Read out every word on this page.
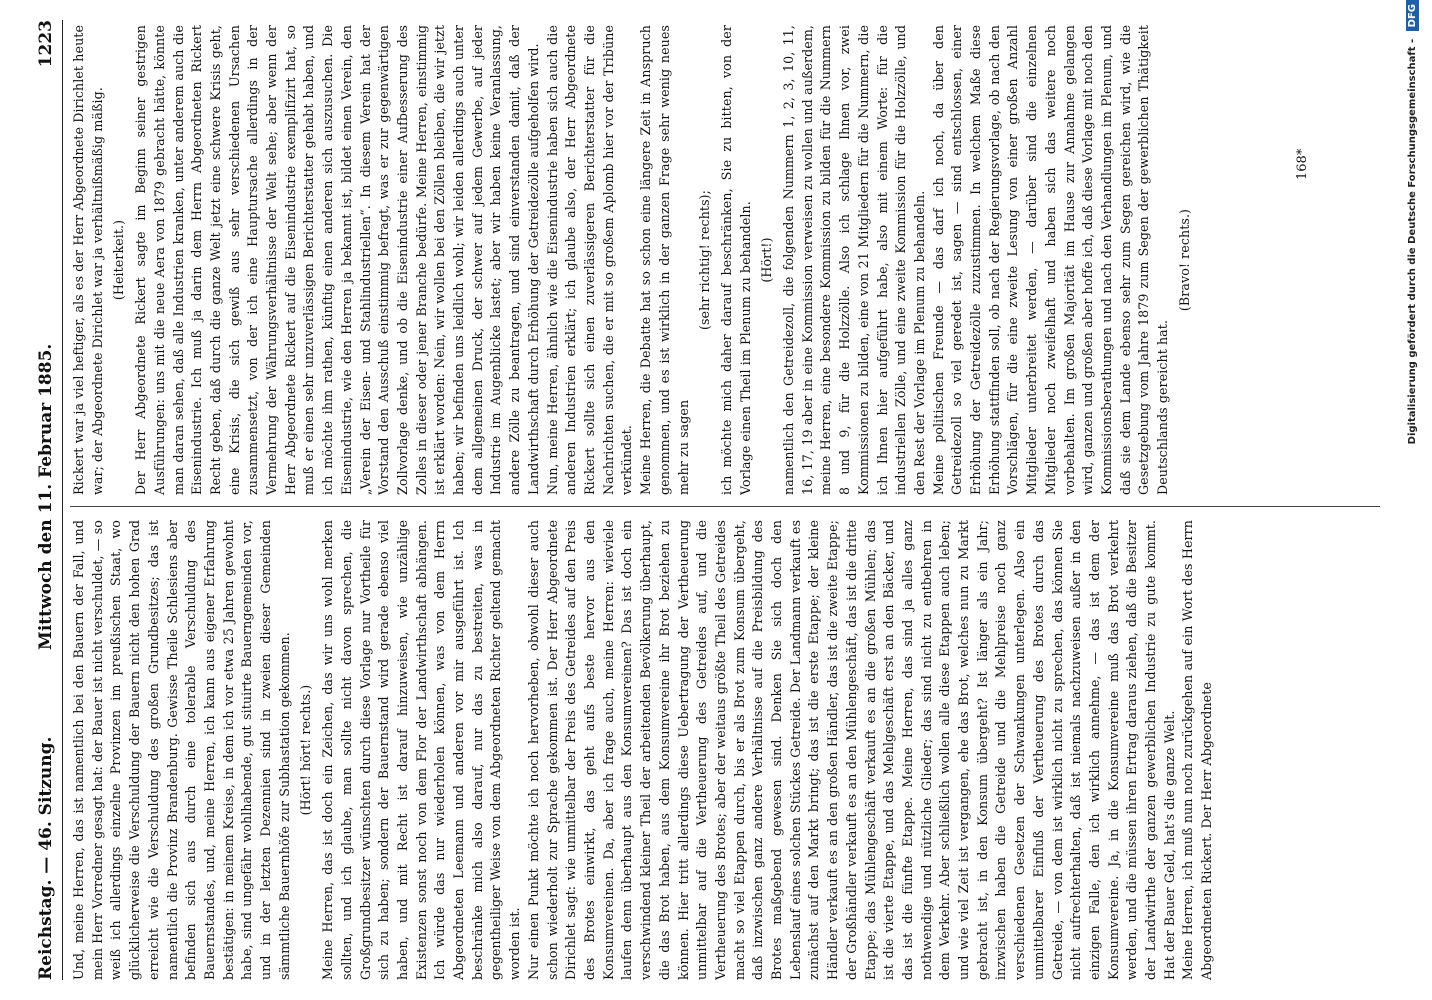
Reichstag. — 46. Sitzung.
Mittwoch den 11. Februar 1885.
1223

Und, meine Herren, das ist namentlich bei den Bauern der Fall, und mein Herr Vorredner gesagt hat: der Bauer ist nicht verschuldet, — so weiß ich allerdings einzelne Provinzen im preußischen Staat, wo glücklicherweise die Verschuldung der Bauern nicht den hohen Grad erreicht wie die Verschuldung des großen Grundbesitzes; das ist namentlich die Provinz Brandenburg. Gewisse Theile Schlesiens aber befinden sich aus durch eine tolerable Verschuldung des Bauernstandes, und, meine Herren, ich kann aus eigener Erfahrung bestätigen: in meinem Kreise, in dem ich vor etwa 25 Jahren gewohnt habe, sind ungefähr wohlhabende, gut situirte Bauerngemeinden vor, und in der letzten Dezennien sind in zweien dieser Gemeinden sämmtliche Bauernhöfe zur Subhastation gekommen. (Hört! hört! rechts.) Meine Herren, das ist doch ein Zeichen, das wir uns wohl merken sollten, und ich glaube, man sollte nicht davon sprechen, die Großgrundbesitzer wünschten durch diese Vorlage nur Vortheile für sich zu haben; sondern der Bauernstand wird gerade ebenso viel haben, und mit Recht ist darauf hinzuweisen, wie unzählige Existenzen sonst noch von dem Flor der Landwirthschaft abhängen. Ich würde das nur wiederholen können, was von dem Herrn Abgeordneten Leemann und anderen vor mir ausgeführt ist. Ich beschränke mich also darauf, nur das zu bestreiten, was in gegentheiliger Weise von dem Abgeordneten Richter geltend gemacht worden ist. Nur einen Punkt möchte ich noch hervorheben, obwohl dieser auch schon wiederholt zur Sprache gekommen ist. Der Herr Abgeordnete Dirichlet sagt: wie unmittelbar der Preis des Getreides auf den Preis des Brotes einwirkt, das geht aufs beste hervor aus den Konsumvereinen. Da, aber ich frage auch, meine Herren: wieviele laufen denn überhaupt aus den Konsumvereinen? Das ist doch ein verschwindend kleiner Theil der arbeitenden Bevölkerung überhaupt, die das Brot haben, aus dem Konsumvereine ihr Brot beziehen zu können. Hier tritt allerdings diese Uebertragung der Vertheuerung unmittelbar auf die Vertheuerung des Getreides auf, und die Vertheuerung des Brotes; aber der weitaus größte Theil des Getreides macht so viel Etappen durch, bis er als Brot zum Konsum übergeht, daß inzwischen ganz andere Verhältnisse auf die Preisbildung des Brotes maßgebend gewesen sind. Denken Sie sich doch den Lebenslauf eines solchen Stückes Getreide. Der Landmann verkauft es zunächst auf den Markt bringt; das ist die erste Etappe; der kleine Händler verkauft es an den großen Händler, das ist die zweite Etappe; der Großhändler verkauft es an den Mühlengeschäft, das ist die dritte Etappe; das Mühlengeschäft verkauft es an die großen Mühlen; das ist die vierte Etappe, und das Mehlgeschäft erst an den Bäcker, und das ist die fünfte Etappe. Meine Herren, das sind ja alles ganz nothwendige und nützliche Glieder; das sind nicht zu entbehren in dem Verkehr. Aber schließlich wollen alle diese Etappen auch leben; und wie viel Zeit ist vergangen, ehe das Brot, welches nun zu Markt gebracht ist, in den Konsum übergeht? Ist länger als ein Jahr; inzwischen haben die Getreide und die Mehlpreise noch ganz verschiedenen Gesetzen der Schwankungen unterlegen. Also ein unmittelbarer Einfluß der Vertheuerung des Brotes durch das Getreide, — von dem ist wirklich nicht zu sprechen, das können Sie nicht aufrechterhalten, daß ist niemals nachzuweisen außer in den einzigen Falle, den ich wirklich annehme, — das ist dem der Konsumvereine. Ja, in die Konsumvereine muß das Brot verkehrt werden, und die müssen ihren Ertrag daraus ziehen, daß die Besitzer der Landwirthe der ganzen gewerblichen Industrie zu gute kommt. Hat der Bauer Geld, hat's die ganze Welt. Meine Herren, ich muß nun noch zurückgehen auf ein Wort des Herrn Abgeordneten Rickert. Der Herr Abgeordnete

Rickert war ja viel heftiger, als es der Herr Abgeordnete Dirichlet heute war; der Abgeordnete Dirichlet war ja verhältnißmäßig mäßig. (Heiterkeit.) Der Herr Abgeordnete Rickert sagte im Beginn seiner gestrigen Ausführungen: uns mit die neue Aera von 1879 gebracht hätte, könnte man daran sehen, daß alle Industrien kranken, unter anderem auch die Eisenindustrie. Ich muß ja darin dem Herrn Abgeordneten Rickert Recht geben, daß durch die ganze Welt jetzt eine schwere Krisis geht, eine Krisis, die sich gewiß aus sehr verschiedenen Ursachen zusammensetzt, von der ich eine Hauptursache allerdings in der Vermehrung der Währungsverhältnisse der Welt sehe; aber wenn der Herr Abgeordnete Rickert auf die Eisenindustrie exemplifizirt hat, so muß er einen sehr unzuverlässigen Berichterstatter gehabt haben, und ich möchte ihm rathen, künftig einen anderen sich auszusuchen. Die Eisenindustrie, wie den Herren ja bekannt ist, bildet einen Verein, den „Verein der Eisen- und Stahlindustriellen“. In diesem Verein hat der Vorstand den Ausschuß einstimmig befragt, was er zur gegenwärtigen Zollvorlage denke, und ob die Eisenindustrie einer Aufbesserung des Zolles in dieser oder jener Branche bedürfe. Meine Herren, einstimmig ist erklärt worden: Nein, wir wollen bei den Zöllen bleiben, die wir jetzt haben; wir befinden uns leidlich wohl; wir leiden allerdings auch unter dem allgemeinen Druck, der schwer auf jedem Gewerbe, auf jeder Industrie im Augenblicke lastet; aber wir haben keine Veranlassung, andere Zölle zu beantragen, und sind einverstanden damit, daß der Landwirthschaft durch Erhöhung der Getreidezölle aufgeholfen wird. Nun, meine Herren, ähnlich wie die Eisenindustrie haben sich auch die anderen Industrien erklärt; ich glaube also, der Herr Abgeordnete Rickert sollte sich einen zuverlässigeren Berichterstatter für die Nachrichten suchen, die er mit so großem Aplomb hier vor der Tribüne verkündet. Meine Herren, die Debatte hat so schon eine längere Zeit in Anspruch genommen, und es ist wirklich in der ganzen Frage sehr wenig neues mehr zu sagen

(sehr richtig! rechts); ich möchte mich daher darauf beschränken, Sie zu bitten, von der Vorlage einen Theil im Plenum zu behandeln. (Hört!) namentlich den Getreidezoll, die folgenden Nummern 1, 2, 3, 10, 11, 16, 17, 19 aber in eine Kommission verweisen zu wollen und außerdem, meine Herren, eine besondere Kommission zu bilden für die Nummern 8 und 9, für die Holzzölle. Also ich schlage Ihnen vor, zwei Kommissionen zu bilden, eine von 21 Mitgliedern für die Nummern, die ich Ihnen hier aufgeführt habe, also mit einem Worte: für die industriellen Zölle, und eine zweite Kommission für die Holzzölle, und den Rest der Vorlage im Plenum zu behandeln. Meine politischen Freunde — das darf ich noch, da über den Getreidezoll so viel geredet ist, sagen — sind entschlossen, einer Erhöhung der Getreidezölle zuzustimmen. In welchem Maße diese Erhöhung stattfinden soll, ob nach der Regierungsvorlage, ob nach den Vorschlägen, für die eine zweite Lesung von einer großen Anzahl Mitglieder unterbreitet werden, — darüber sind die einzelnen Mitglieder noch zweifelhaft und haben sich das weitere noch vorbehalten. Im großen Majorität im Hause zur Annahme gelangen wird, ganzen und großen aber hoffe ich, daß diese Vorlage mit noch den Kommissionsberathungen und nach den Verhandlungen im Plenum, und daß sie dem Lande ebenso sehr zum Segen gereichen wird, wie die Gesetzgebung vom Jahre 1879 zum Segen der gewerblichen Thätigkeit Deutschlands gereicht hat.

(Bravo! rechts.)

168*	Digitalisierung gefördert durch die Deutsche Forschungsgemeinschaft - DFG
